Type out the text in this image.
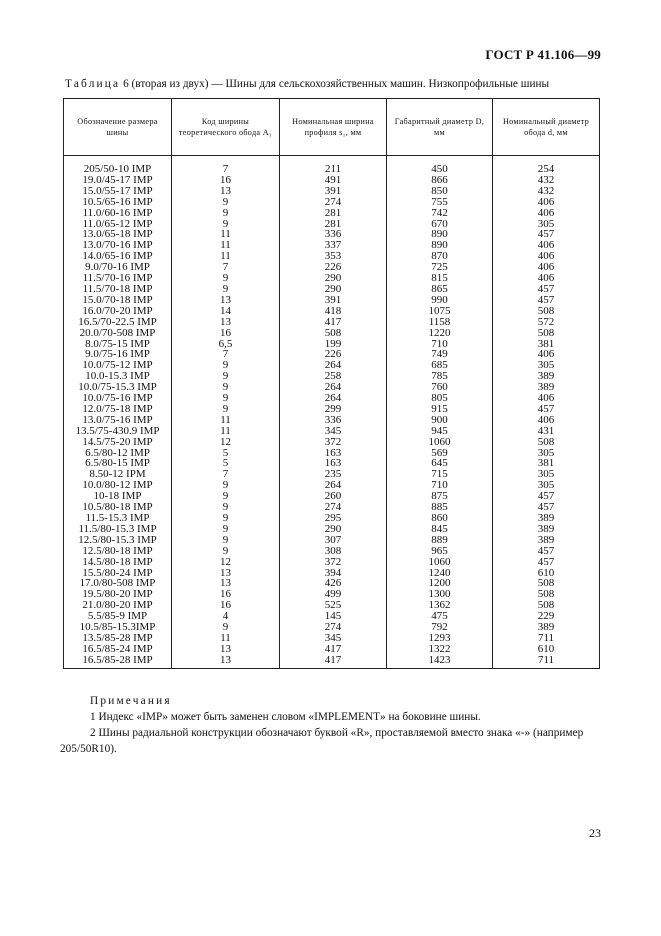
ГОСТ Р 41.106—99
Таблица 6 (вторая из двух) — Шины для сельскохозяйственных машин. Низкопрофильные шины
Обозначение размера шины	Код ширины теоретического обода A₁	Номинальная ширина профиля s₁, мм	Габаритный диаметр D, мм	Номинальный диаметр обода d, мм

205/50-10 IMP	7	211	450	254
19.0/45-17 IMP	16	491	866	432
15.0/55-17 IMP	13	391	850	432
10.5/65-16 IMP	9	274	755	406
11.0/60-16 IMP	9	281	742	406
11.0/65-12 IMP	9	281	670	305
13.0/65-18 IMP	11	336	890	457
13.0/70-16 IMP	11	337	890	406
14.0/65-16 IMP	11	353	870	406
9.0/70-16 IMP	7	226	725	406
11.5/70-16 IMP	9	290	815	406
11.5/70-18 IMP	9	290	865	457
15.0/70-18 IMP	13	391	990	457
16.0/70-20 IMP	14	418	1075	508
16.5/70-22.5 IMP	13	417	1158	572
20.0/70-508 IMP	16	508	1220	508
8.0/75-15 IMP	6,5	199	710	381
9.0/75-16 IMP	7	226	749	406
10.0/75-12 IMP	9	264	685	305
10.0-15.3 IMP	9	258	785	389
10.0/75-15.3 IMP	9	264	760	389
10.0/75-16 IMP	9	264	805	406
12.0/75-18 IMP	9	299	915	457
13.0/75-16 IMP	11	336	900	406
13.5/75-430.9 IMP	11	345	945	431
14.5/75-20 IMP	12	372	1060	508
6.5/80-12 IMP	5	163	569	305
6.5/80-15 IMP	5	163	645	381
8.50-12 IPM	7	235	715	305
10.0/80-12 IMP	9	264	710	305
10-18 IMP	9	260	875	457
10.5/80-18 IMP	9	274	885	457
11.5-15.3 IMP	9	295	860	389
11.5/80-15.3 IMP	9	290	845	389
12.5/80-15.3 IMP	9	307	889	389
12.5/80-18 IMP	9	308	965	457
14.5/80-18 IMP	12	372	1060	457
15.5/80-24 IMP	13	394	1240	610
17.0/80-508 IMP	13	426	1200	508
19.5/80-20 IMP	16	499	1300	508
21.0/80-20 IMP	16	525	1362	508
5.5/85-9 IMP	4	145	475	229
10.5/85-15.3IMP	9	274	792	389
13.5/85-28 IMP	11	345	1293	711
16.5/85-24 IMP	13	417	1322	610
16.5/85-28 IMP	13	417	1423	711
Примечания

1 Индекс «IMP» может быть заменен словом «IMPLEMENT» на боковине шины.

2 Шины радиальной конструкции обозначают буквой «R», проставляемой вместо знака «-» (например 205/50R10).

23
